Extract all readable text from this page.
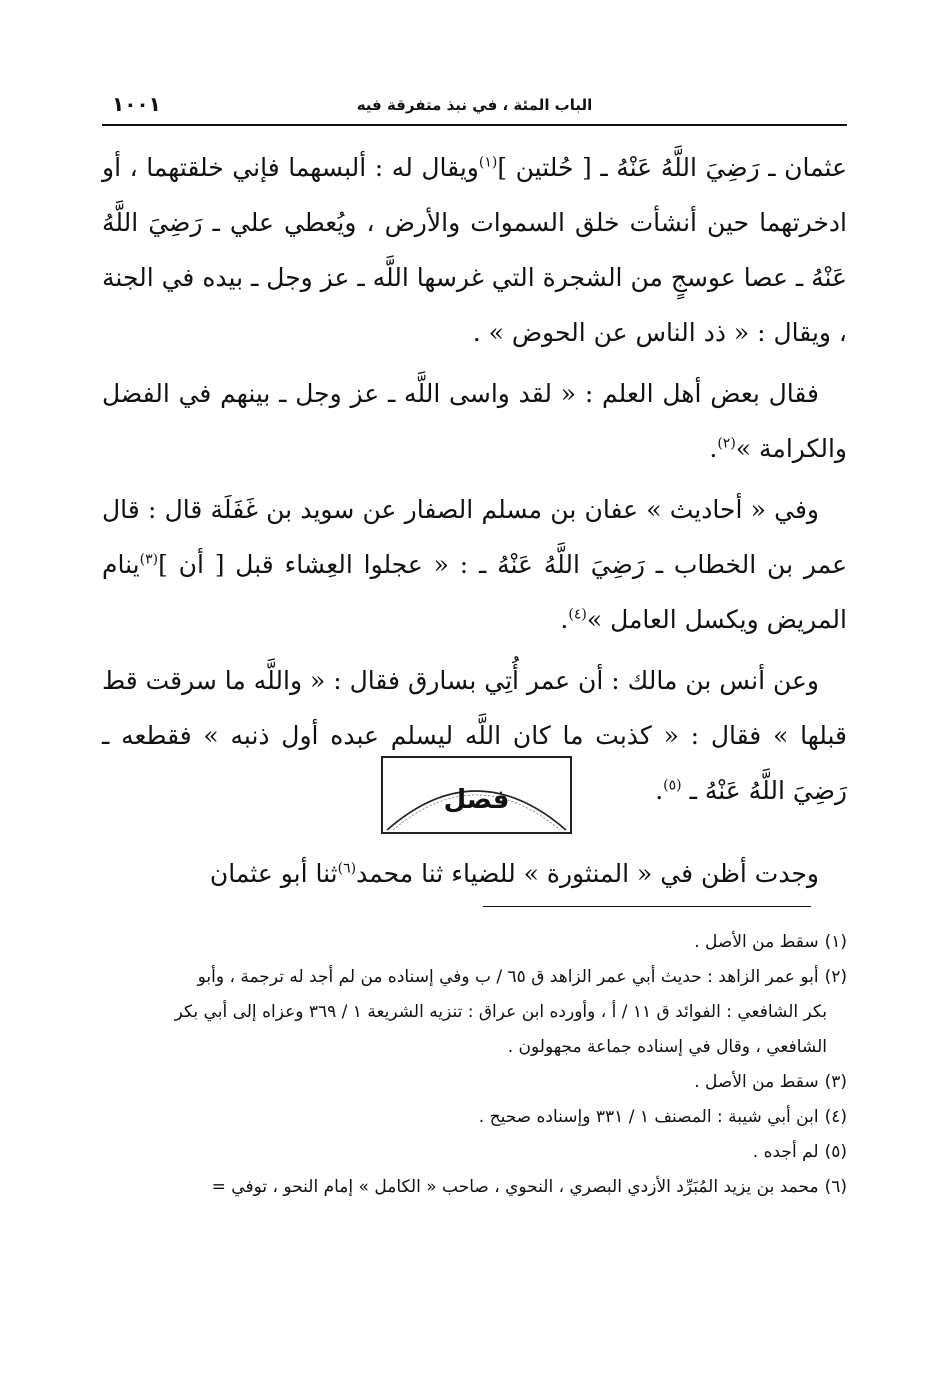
الباب المئة ، في نبذ متفرقة فيه
١٠٠١

عثمان ـ رَضِيَ اللَّهُ عَنْهُ ـ [ حُلتين ]$^{(١)}$ويقال له : ألبسهما فإني خلقتهما ، أو ادخرتهما حين أنشأت خلق السموات والأرض ، ويُعطي علي ـ رَضِيَ اللَّهُ عَنْهُ ـ عصا عوسجٍ من الشجرة التي غرسها اللَّه ـ عز وجل ـ بيده في الجنة ، ويقال : « ذد الناس عن الحوض » .

فقال بعض أهل العلم : « لقد واسى اللَّه ـ عز وجل ـ بينهم في الفضل والكرامة »$^{(٢)}$.

وفي « أحاديث » عفان بن مسلم الصفار عن سويد بن غَفَلَة قال : قال عمر بن الخطاب ـ رَضِيَ اللَّهُ عَنْهُ ـ : « عجلوا العِشاء قبل [ أن ]$^{(٣)}$ينام المريض ويكسل العامل »$^{(٤)}$.

وعن أنس بن مالك : أن عمر أُتِي بسارق فقال : « واللَّه ما سرقت قط قبلها » فقال : « كذبت ما كان اللَّه ليسلم عبده أول ذنبه » فقطعه ـ رَضِيَ اللَّهُ عَنْهُ ـ $^{(٥)}$.

فصل
وجدت أظن في « المنثورة » للضياء ثنا محمد$^{(٦)}$ثنا أبو عثمان
(١)سقط من الأصل .
(٢)أبو عمر الزاهد : حديث أبي عمر الزاهد ق ٦٥ / ب وفي إسناده من لم أجد له ترجمة ، وأبو
بكر الشافعي : الفوائد ق ١١ / أ ، وأورده ابن عراق : تنزيه الشريعة ١ / ٣٦٩ وعزاه إلى أبي بكر
الشافعي ، وقال في إسناده جماعة مجهولون .
(٣)سقط من الأصل .
(٤)ابن أبي شيبة : المصنف ١ / ٣٣١ وإسناده صحيح .
(٥)لم أجده .
(٦)محمد بن يزيد المُبَرِّد الأزدي البصري ، النحوي ، صاحب « الكامل » إمام النحو ، توفي =
